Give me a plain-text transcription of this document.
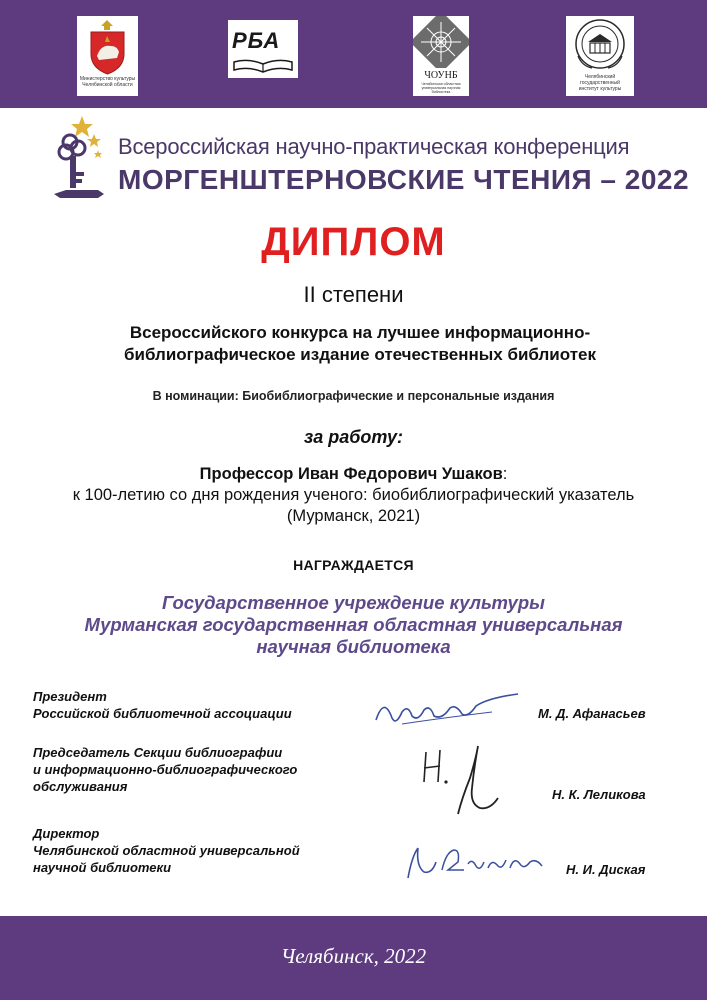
Министерство культуры
Челябинской области
РБА
ЧОУНБ
Челябинская областная универсальная научная библиотека
Челябинский государственный
институт культуры
Всероссийская научно-практическая конференция
МОРГЕНШТЕРНОВСКИЕ ЧТЕНИЯ – 2022
ДИПЛОМ
II степени
Всероссийского конкурса на лучшее информационно-
библиографическое издание отечественных библиотек
В номинации: Биобиблиографические и персональные издания
за работу:
Профессор Иван Федорович Ушаков:
к 100-летию со дня рождения ученого: биобиблиографический указатель
(Мурманск, 2021)
НАГРАЖДАЕТСЯ
Государственное учреждение культуры
Мурманская государственная областная универсальная
научная библиотека
Президент
Российской библиотечной ассоциации	М. Д. Афанасьев
Председатель Секции библиографии
и информационно-библиографического
обслуживания
Н. К. Леликова
Директор
Челябинской областной универсальной
научной библиотеки	Н. И. Диская
Челябинск, 2022
